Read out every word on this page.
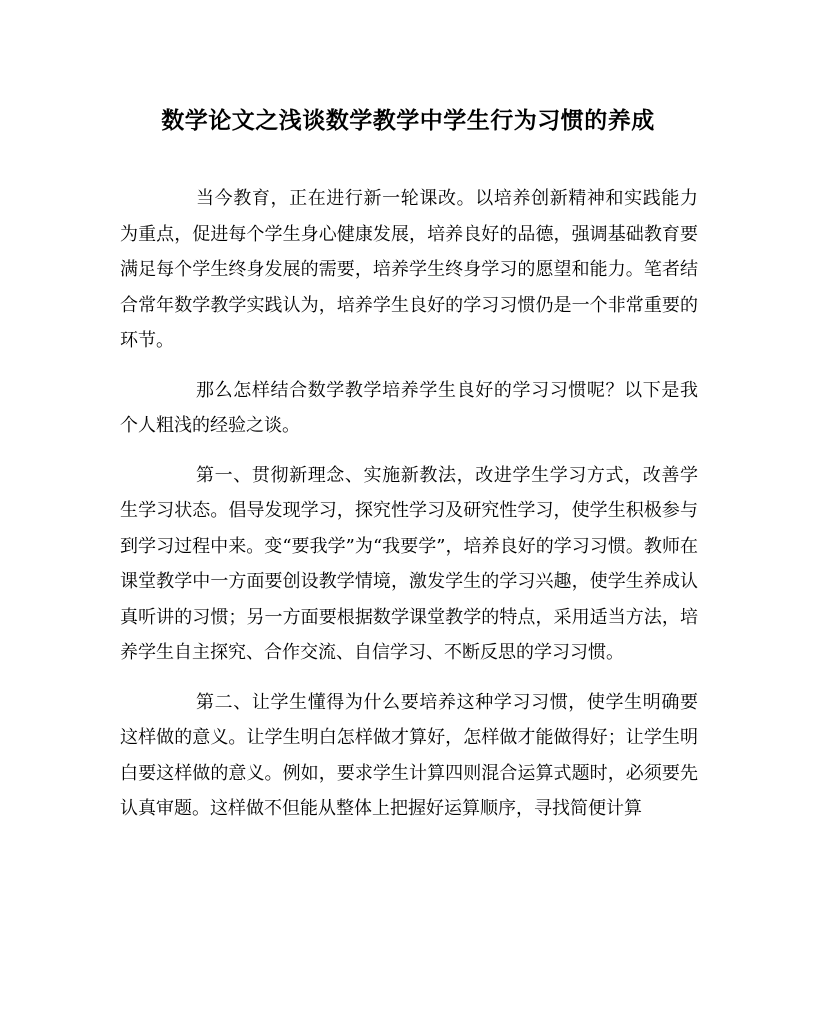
数学论文之浅谈数学教学中学生行为习惯的养成

当今教育，正在进行新一轮课改。以培养创新精神和实践能力为重点，促进每个学生身心健康发展，培养良好的品德，强调基础教育要满足每个学生终身发展的需要，培养学生终身学习的愿望和能力。笔者结合常年数学教学实践认为，培养学生良好的学习习惯仍是一个非常重要的环节。

那么怎样结合数学教学培养学生良好的学习习惯呢？以下是我个人粗浅的经验之谈。

第一、贯彻新理念、实施新教法，改进学生学习方式，改善学生学习状态。倡导发现学习，探究性学习及研究性学习，使学生积极参与到学习过程中来。变“要我学”为“我要学”，培养良好的学习习惯。教师在课堂教学中一方面要创设教学情境，激发学生的学习兴趣，使学生养成认真听讲的习惯；另一方面要根据数学课堂教学的特点，采用适当方法，培养学生自主探究、合作交流、自信学习、不断反思的学习习惯。

第二、让学生懂得为什么要培养这种学习习惯，使学生明确要这样做的意义。让学生明白怎样做才算好，怎样做才能做得好；让学生明白要这样做的意义。例如，要求学生计算四则混合运算式题时，必须要先认真审题。这样做不但能从整体上把握好运算顺序，寻找简便计算
